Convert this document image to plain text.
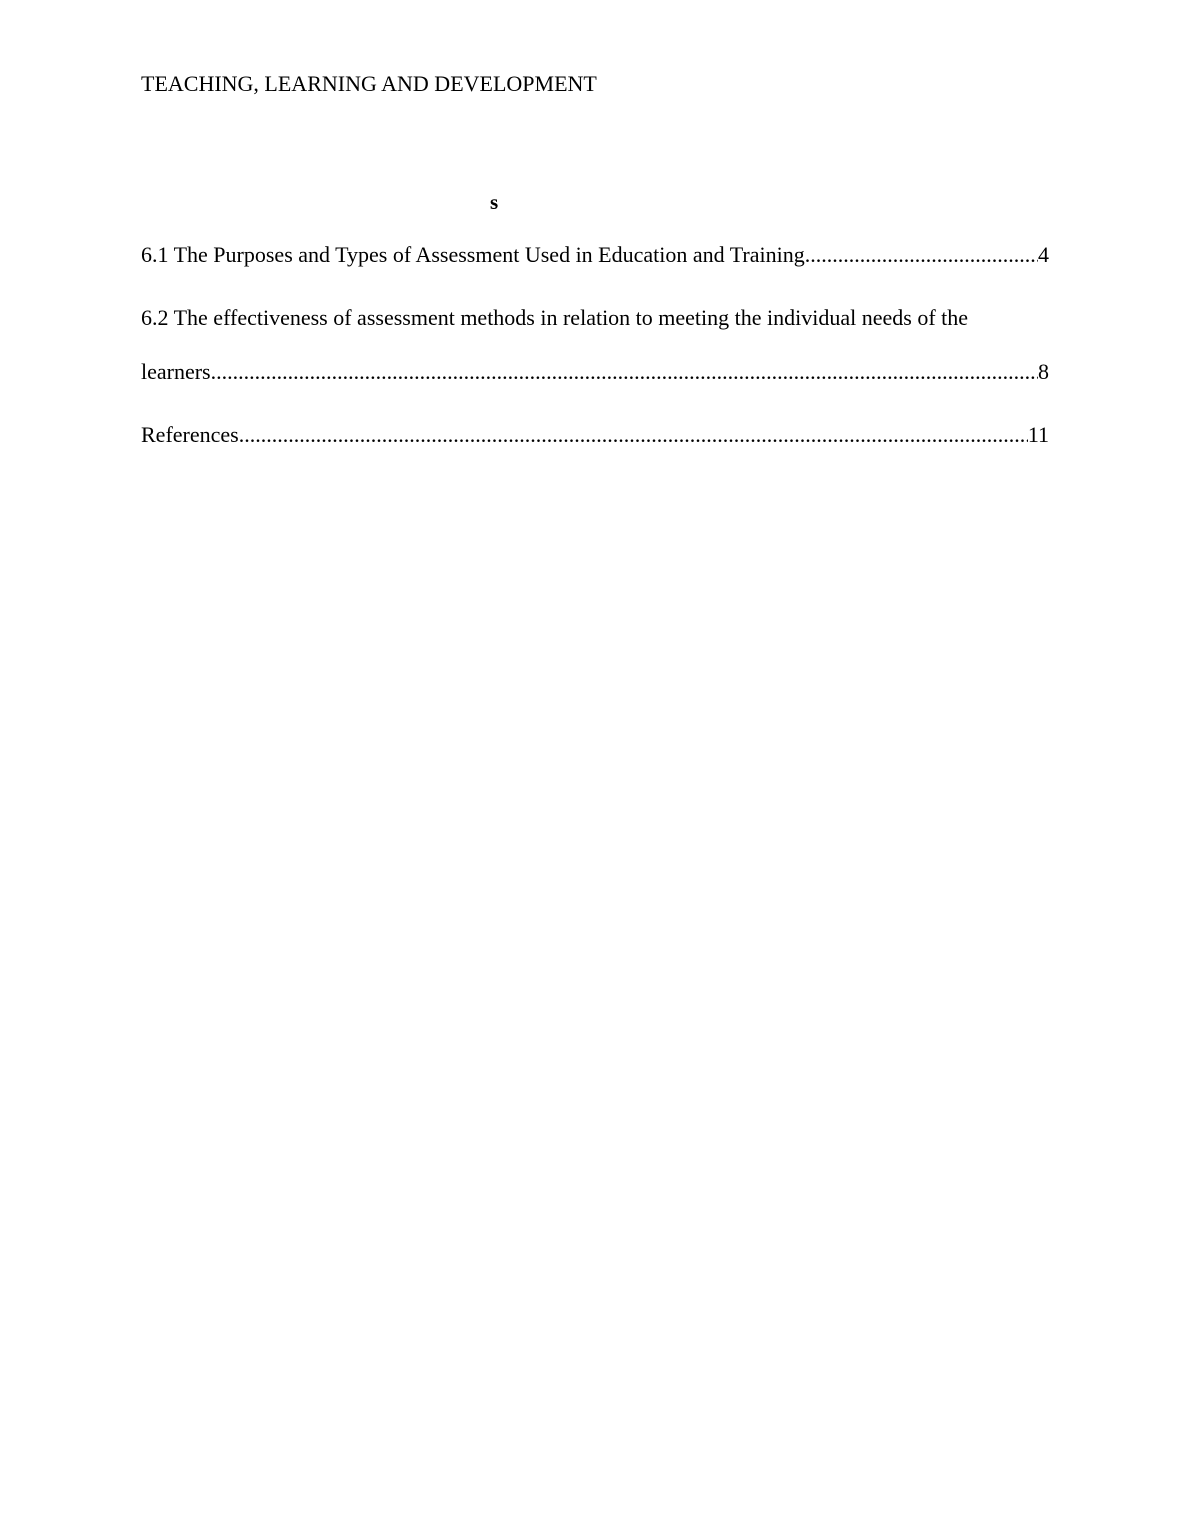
TEACHING, LEARNING AND DEVELOPMENT
s
6.1 The Purposes and Types of Assessment Used in Education and Training .....	4
6.2 The effectiveness of assessment methods in relation to meeting the individual needs of the
learners .....	8
References .....	11
